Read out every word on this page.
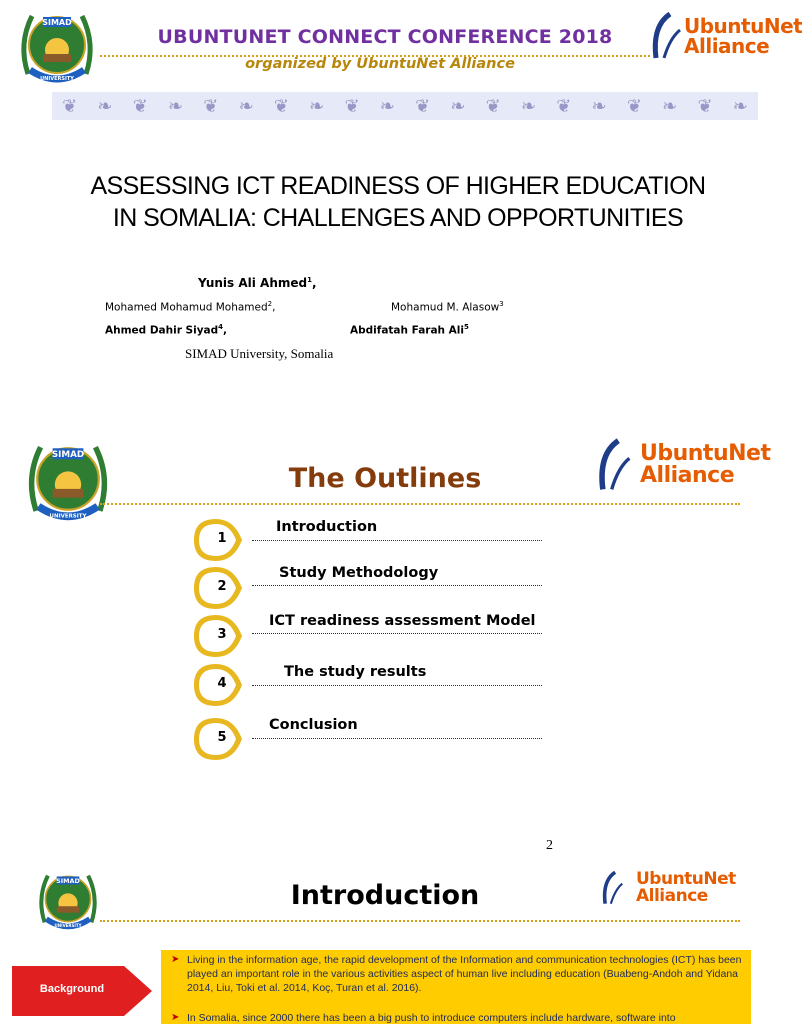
SIMAD
UNIVERSITY
UBUNTUNET CONNECT CONFERENCE 2018
organized by UbuntuNet Alliance
UbuntuNet
Alliance
❦ ❧ ❦ ❧ ❦ ❧ ❦ ❧ ❦ ❧ ❦ ❧ ❦ ❧ ❦ ❧ ❦ ❧ ❦ ❧
ASSESSING ICT READINESS OF HIGHER EDUCATION
IN SOMALIA: CHALLENGES AND OPPORTUNITIES
Yunis Ali Ahmed$^1$,
Mohamed Mohamud Mohamed$^2$,	Mohamud M. Alasow$^3$
Ahmed Dahir Siyad$^4$,	Abdifatah Farah Ali$^5$
SIMAD University, Somalia
SIMAD
UNIVERSITY
UbuntuNet
Alliance
The Outlines
1
Introduction
2
Study Methodology
3
ICT readiness assessment Model
4
The study results
5
Conclusion
2
SIMAD
UNIVERSITY
UbuntuNet
Alliance
Introduction
Background
➤ Living in the information age, the rapid development of the Information and communication technologies (ICT) has been played an important role in the various activities aspect of human live including education (Buabeng-Andoh and Yidana 2014, Liu, Toki et al. 2014, Koç, Turan et al. 2016).
➤ In Somalia, since 2000 there has been a big push to introduce computers include hardware, software into
